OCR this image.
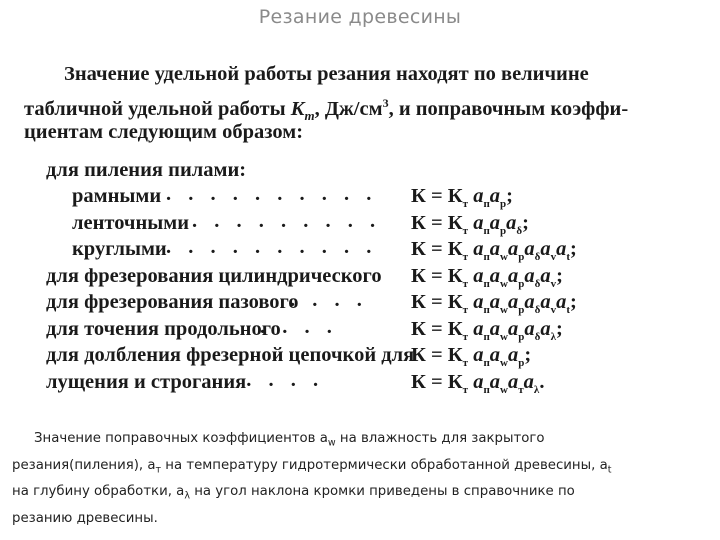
Резание древесины
Значение удельной работы резания находят по величине
табличной удельной работы $K_m$, $Дж/см^3$, и поправочным коэффи-
циентам следующим образом:
для пиления пилами:
рамными . . . . . . . . . . $К = К_т$ $a_пa_р$;
ленточными . . . . . . . . . $К = К_т$ $a_пa_рa_\delta$;
круглыми . . . . . . . . . . $К = К_т$ $a_пa_wa_рa_\delta a_va_t$;
для фрезерования цилиндрического $К = К_т$ $a_пa_wa_рa_\delta a_v$;
для фрезерования пазового
. . . . $К = К_т$ $a_пa_wa_рa_\delta a_va_t$;
для точения продольного
. . . .	$К = К_т$ $a_пa_wa_рa_\delta a_\lambda$;
для долбления фрезерной цепочкой для
$К = К_т$ $a_пa_wa_р$;
лущения и строгания
. . . . .	$К = К_т$ $a_пa_wa_тa_\lambda$.
Значение поправочных коэффициентов $a_w$ на влажность для закрытого
резания(пиления), $a_т$ на температуру гидротермически обработанной древесины, $a_t$
на глубину обработки, $a_\lambda$ на угол наклона кромки приведены в справочнике по
резанию древесины.
